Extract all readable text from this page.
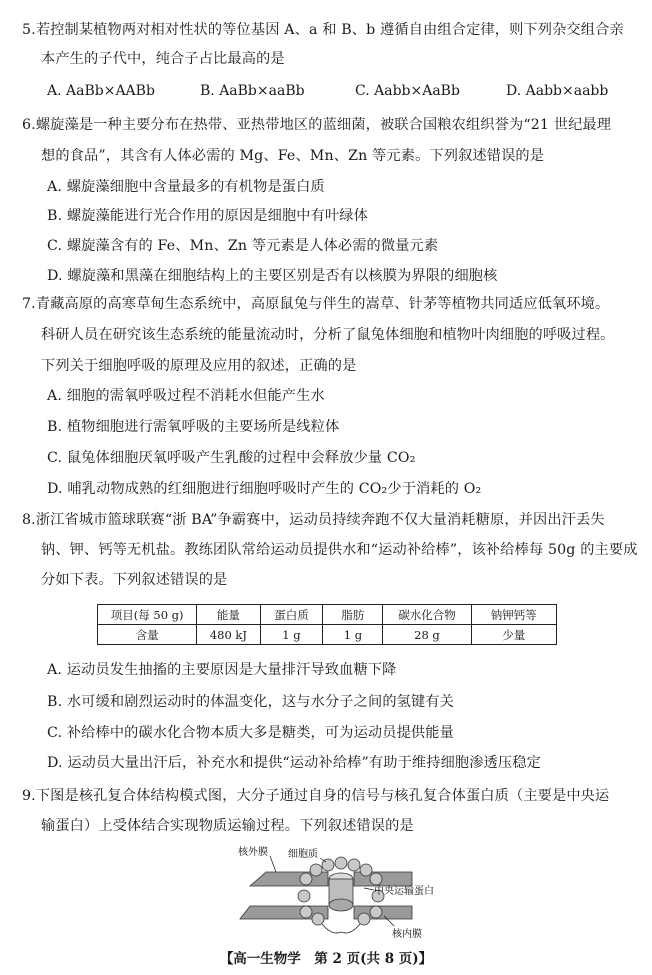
5.若控制某植物两对相对性状的等位基因 A、a 和 B、b 遵循自由组合定律，则下列杂交组合亲
本产生的子代中，纯合子占比最高的是
A. AaBb×AABb	B. AaBb×aaBb	C. Aabb×AaBb	D. Aabb×aabb
6.螺旋藻是一种主要分布在热带、亚热带地区的蓝细菌，被联合国粮农组织誉为“21 世纪最理
想的食品”，其含有人体必需的 Mg、Fe、Mn、Zn 等元素。下列叙述错误的是
A. 螺旋藻细胞中含量最多的有机物是蛋白质
B. 螺旋藻能进行光合作用的原因是细胞中有叶绿体
C. 螺旋藻含有的 Fe、Mn、Zn 等元素是人体必需的微量元素
D. 螺旋藻和黑藻在细胞结构上的主要区别是否有以核膜为界限的细胞核
7.青藏高原的高寒草甸生态系统中，高原鼠兔与伴生的嵩草、针茅等植物共同适应低氧环境。
科研人员在研究该生态系统的能量流动时，分析了鼠兔体细胞和植物叶肉细胞的呼吸过程。
下列关于细胞呼吸的原理及应用的叙述，正确的是
A. 细胞的需氧呼吸过程不消耗水但能产生水
B. 植物细胞进行需氧呼吸的主要场所是线粒体
C. 鼠兔体细胞厌氧呼吸产生乳酸的过程中会释放少量 CO₂
D. 哺乳动物成熟的红细胞进行细胞呼吸时产生的 CO₂少于消耗的 O₂
8.浙江省城市篮球联赛“浙 BA”争霸赛中，运动员持续奔跑不仅大量消耗糖原，并因出汗丢失
钠、钾、钙等无机盐。教练团队常给运动员提供水和“运动补给棒”，该补给棒每 50g 的主要成
分如下表。下列叙述错误的是
项目(每 50 g)	能量	蛋白质	脂肪	碳水化合物	钠钾钙等
含量	480 kJ	1 g	1 g	28 g	少量
A. 运动员发生抽搐的主要原因是大量排汗导致血糖下降
B. 水可缓和剧烈运动时的体温变化，这与水分子之间的氢键有关
C. 补给棒中的碳水化合物本质大多是糖类，可为运动员提供能量
D. 运动员大量出汗后，补充水和提供“运动补给棒”有助于维持细胞渗透压稳定
9.下图是核孔复合体结构模式图，大分子通过自身的信号与核孔复合体蛋白质（主要是中央运
输蛋白）上受体结合实现物质运输过程。下列叙述错误的是
核外膜 细胞质
中央运输蛋白
核内膜
【高一生物学　第 2 页(共 8 页)】
